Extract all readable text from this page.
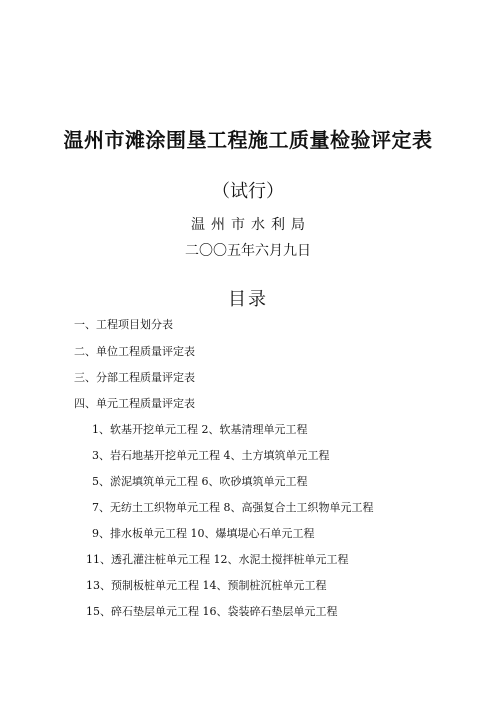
温州市滩涂围垦工程施工质量检验评定表
（试行）
温州市水利局
二〇〇五年六月九日
目录
一、工程项目划分表
二、单位工程质量评定表
三、分部工程质量评定表
四、单元工程质量评定表
1、软基开挖单元工程 2、软基清理单元工程
3、岩石地基开挖单元工程 4、土方填筑单元工程
5、淤泥填筑单元工程 6、吹砂填筑单元工程
7、无纺土工织物单元工程 8、高强复合土工织物单元工程
9、排水板单元工程 10、爆填堤心石单元工程
11、透孔灌注桩单元工程 12、水泥土搅拌桩单元工程
13、预制板桩单元工程 14、预制桩沉桩单元工程
15、碎石垫层单元工程 16、袋装碎石垫层单元工程
